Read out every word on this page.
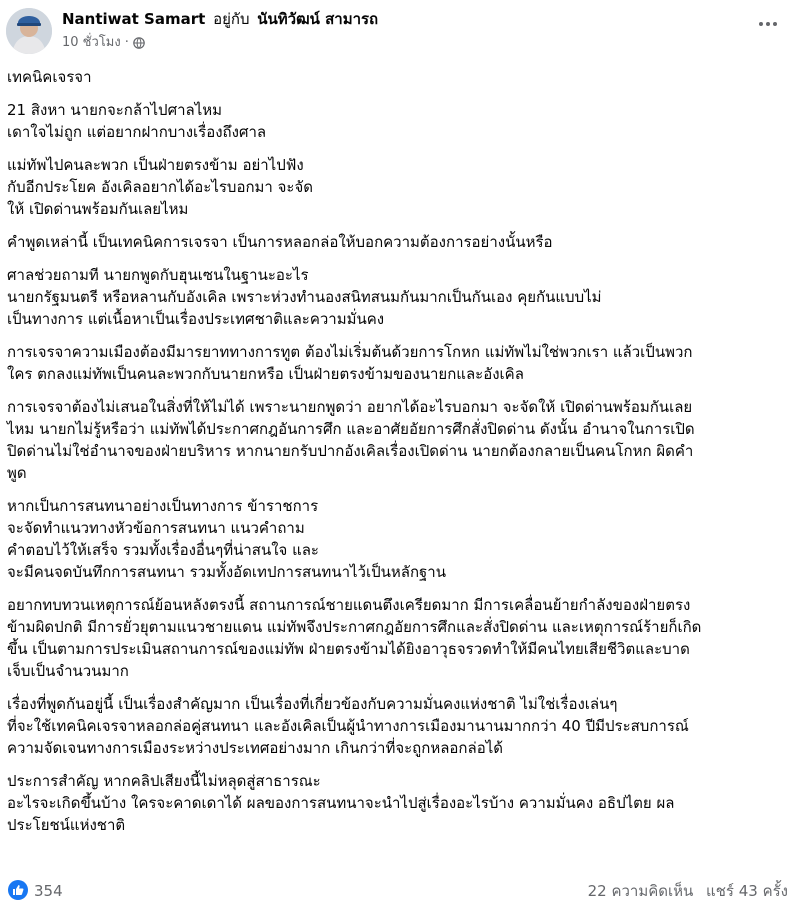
Nantiwat Samart อยู่กับ นันทิวัฒน์ สามารถ
10 ชั่วโมง ·
เทคนิคเจรจา
21 สิงหา นายกจะกล้าไปศาลไหม
เดาใจไม่ถูก แต่อยากฝากบางเรื่องถึงศาล
แม่ทัพไปคนละพวก เป็นฝ่ายตรงข้าม อย่าไปฟัง
กับอีกประโยค อังเคิลอยากได้อะไรบอกมา จะจัด
ให้ เปิดด่านพร้อมกันเลยไหม
คำพูดเหล่านี้ เป็นเทคนิคการเจรจา เป็นการหลอกล่อให้บอกความต้องการอย่างนั้นหรือ
ศาลช่วยถามที นายกพูดกับฮุนเซนในฐานะอะไร
นายกรัฐมนตรี หรือหลานกับอังเคิล เพราะห่วงทำนองสนิทสนมกันมากเป็นกันเอง คุยกันแบบไม่
เป็นทางการ แต่เนื้อหาเป็นเรื่องประเทศชาติและความมั่นคง
การเจรจาความเมืองต้องมีมารยาททางการทูต ต้องไม่เริ่มต้นด้วยการโกหก แม่ทัพไม่ใช่พวกเรา แล้วเป็นพวก
ใคร ตกลงแม่ทัพเป็นคนละพวกกับนายกหรือ เป็นฝ่ายตรงข้ามของนายกและอังเคิล
การเจรจาต้องไม่เสนอในสิ่งที่ให้ไม่ได้ เพราะนายกพูดว่า อยากได้อะไรบอกมา จะจัดให้ เปิดด่านพร้อมกันเลย
ไหม นายกไม่รู้หรือว่า แม่ทัพได้ประกาศกฎอันการศึก และอาศัยอัยการศึกสั่งปิดด่าน ดังนั้น อำนาจในการเปิด
ปิดด่านไม่ใช่อำนาจของฝ่ายบริหาร หากนายกรับปากอังเคิลเรื่องเปิดด่าน นายกต้องกลายเป็นคนโกหก ผิดคำ
พูด
หากเป็นการสนทนาอย่างเป็นทางการ ข้าราชการ
จะจัดทำแนวทางหัวข้อการสนทนา แนวคำถาม
คำตอบไว้ให้เสร็จ รวมทั้งเรื่องอื่นๆที่น่าสนใจ และ
จะมีคนจดบันทึกการสนทนา รวมทั้งอัดเทปการสนทนาไว้เป็นหลักฐาน
อยากทบทวนเหตุการณ์ย้อนหลังตรงนี้ สถานการณ์ชายแดนตึงเครียดมาก มีการเคลื่อนย้ายกำลังของฝ่ายตรง
ข้ามผิดปกติ มีการยั่วยุตามแนวชายแดน แม่ทัพจึงประกาศกฎอัยการศึกและสั่งปิดด่าน และเหตุการณ์ร้ายก็เกิด
ขึ้น เป็นตามการประเมินสถานการณ์ของแม่ทัพ ฝ่ายตรงข้ามได้ยิงอาวุธจรวดทำให้มีคนไทยเสียชีวิตและบาด
เจ็บเป็นจำนวนมาก
เรื่องที่พูดกันอยู่นี้ เป็นเรื่องสำคัญมาก เป็นเรื่องที่เกี่ยวข้องกับความมั่นคงแห่งชาติ ไม่ใช่เรื่องเล่นๆ
ที่จะใช้เทคนิคเจรจาหลอกล่อคู่สนทนา และอังเคิลเป็นผู้นำทางการเมืองมานานมากกว่า 40 ปีมีประสบการณ์
ความจัดเจนทางการเมืองระหว่างประเทศอย่างมาก เกินกว่าที่จะถูกหลอกล่อได้
ประการสำคัญ หากคลิปเสียงนี้ไม่หลุดสู่สาธารณะ
อะไรจะเกิดขึ้นบ้าง ใครจะคาดเดาได้ ผลของการสนทนาจะนำไปสู่เรื่องอะไรบ้าง ความมั่นคง อธิปไตย ผล
ประโยชน์แห่งชาติ
354	22 ความคิดเห็น แชร์ 43 ครั้ง
